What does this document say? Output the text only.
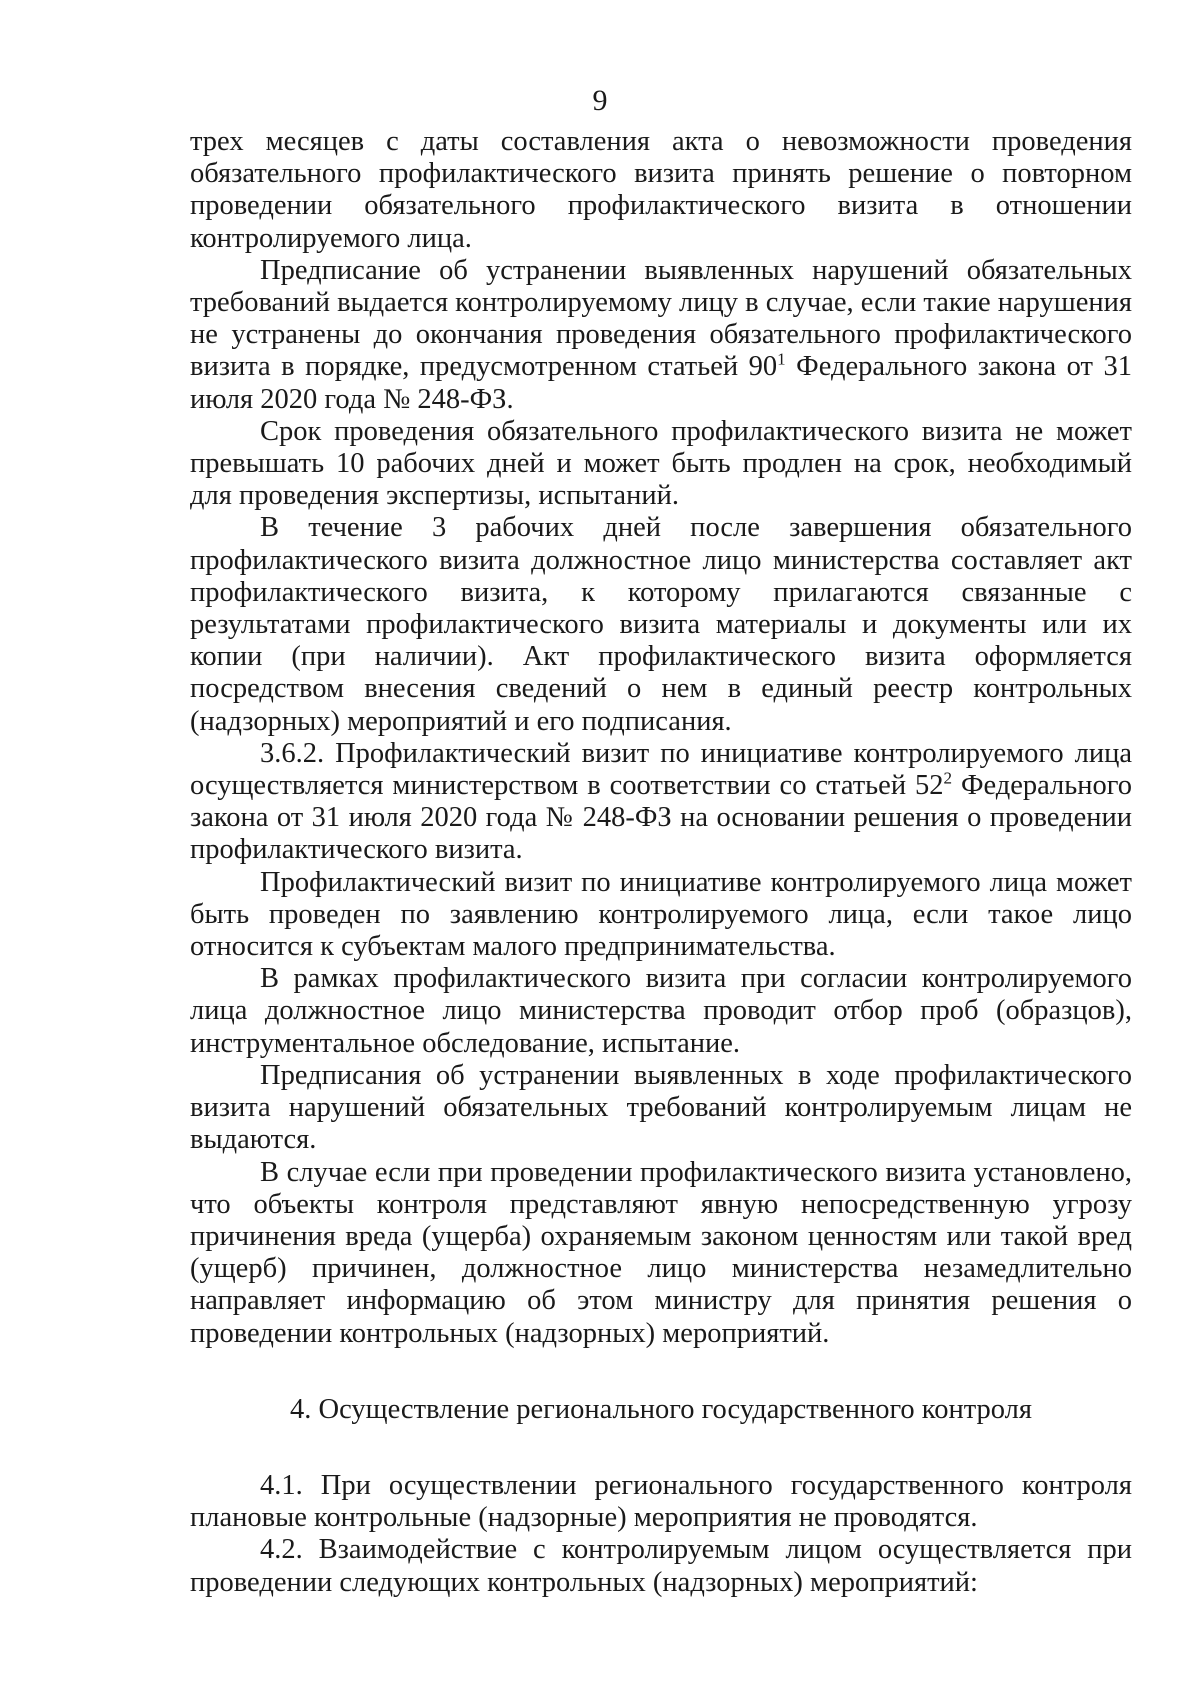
9

трех месяцев с даты составления акта о невозможности проведения обязательного профилактического визита принять решение о повторном проведении обязательного профилактического визита в отношении контролируемого лица.

Предписание об устранении выявленных нарушений обязательных требований выдается контролируемому лицу в случае, если такие нарушения не устранены до окончания проведения обязательного профилактического визита в порядке, предусмотренном статьей $90^1$ Федерального закона от 31 июля 2020 года № 248-ФЗ.

Срок проведения обязательного профилактического визита не может превышать 10 рабочих дней и может быть продлен на срок, необходимый для проведения экспертизы, испытаний.

В течение 3 рабочих дней после завершения обязательного профилактического визита должностное лицо министерства составляет акт профилактического визита, к которому прилагаются связанные с результатами профилактического визита материалы и документы или их копии (при наличии). Акт профилактического визита оформляется посредством внесения сведений о нем в единый реестр контрольных (надзорных) мероприятий и его подписания.

3.6.2. Профилактический визит по инициативе контролируемого лица осуществляется министерством в соответствии со статьей $52^2$ Федерального закона от 31 июля 2020 года № 248-ФЗ на основании решения о проведении профилактического визита.

Профилактический визит по инициативе контролируемого лица может быть проведен по заявлению контролируемого лица, если такое лицо относится к субъектам малого предпринимательства.

В рамках профилактического визита при согласии контролируемого лица должностное лицо министерства проводит отбор проб (образцов), инструментальное обследование, испытание.

Предписания об устранении выявленных в ходе профилактического визита нарушений обязательных требований контролируемым лицам не выдаются.

В случае если при проведении профилактического визита установлено, что объекты контроля представляют явную непосредственную угрозу причинения вреда (ущерба) охраняемым законом ценностям или такой вред (ущерб) причинен, должностное лицо министерства незамедлительно направляет информацию об этом министру для принятия решения о проведении контрольных (надзорных) мероприятий.

4. Осуществление регионального государственного контроля

4.1. При осуществлении регионального государственного контроля плановые контрольные (надзорные) мероприятия не проводятся.

4.2. Взаимодействие с контролируемым лицом осуществляется при проведении следующих контрольных (надзорных) мероприятий:
